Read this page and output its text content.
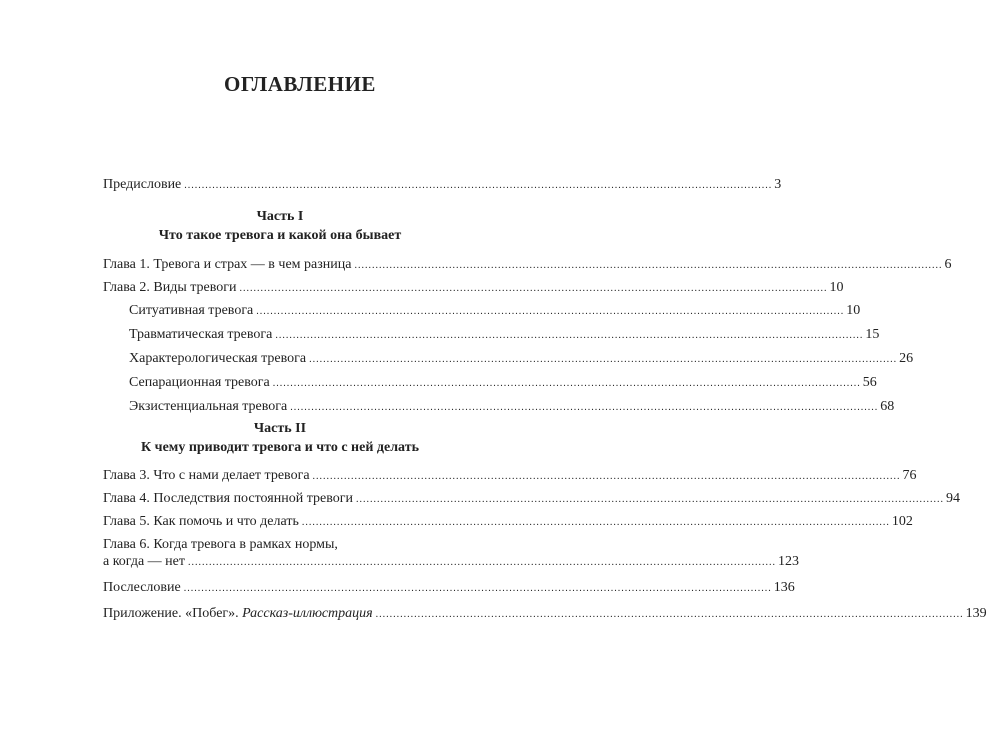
ОГЛАВЛЕНИЕ
Предисловие ........................................................................................................................................................................ 3
Часть I
Что такое тревога и какой она бывает
Глава 1. Тревога и страх — в чем разница ........................................................................................................................................................................ 6
Глава 2. Виды тревоги ........................................................................................................................................................................ 10
Ситуативная тревога ........................................................................................................................................................................ 10
Травматическая тревога ........................................................................................................................................................................ 15
Характерологическая тревога ........................................................................................................................................................................ 26
Сепарационная тревога ........................................................................................................................................................................ 56
Экзистенциальная тревога ........................................................................................................................................................................ 68
Часть II
К чему приводит тревога и что с ней делать
Глава 3. Что с нами делает тревога ........................................................................................................................................................................ 76
Глава 4. Последствия постоянной тревоги ........................................................................................................................................................................ 94
Глава 5. Как помочь и что делать ........................................................................................................................................................................ 102
Глава 6. Когда тревога в рамках нормы,
а когда — нет ........................................................................................................................................................................ 123
Послесловие ........................................................................................................................................................................ 136
Приложение. «Побег». Рассказ-иллюстрация ........................................................................................................................................................................ 139
